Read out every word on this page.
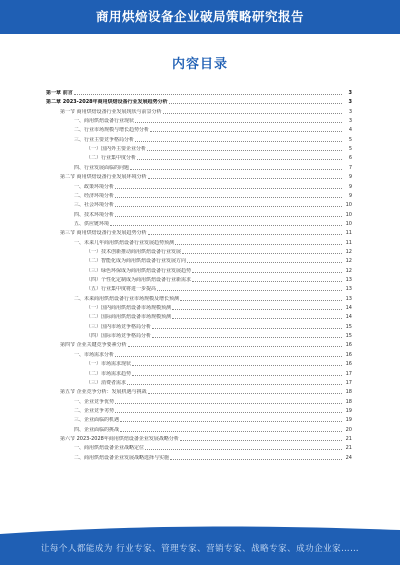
商用烘焙设备企业破局策略研究报告
内容目录
第一章 前言	3
第二章 2023-2028年商用烘焙设备行业发展趋势分析	3
第一节 商用烘焙设备行业发展现状与前景分析	3
一、商用烘焙设备行业现状	3
二、行业市场规模与增长趋势分析	4
三、行业主要竞争格局分析	5
（一）国内外主要企业分析	5
（二）行业集中度分析	6
四、行业发展面临的问题	7
第二节 商用烘焙设备行业发展环境分析	9
一、政策环境分析	9
二、经济环境分析	9
三、社会环境分析	10
四、技术环境分析	10
五、供应链环境	10
第三节 商用烘焙设备行业发展趋势分析	11
一、未来几年商用烘焙设备行业发展趋势预测	11
（一）技术创新推动商用烘焙设备行业发展	12
（二）智能化成为商用烘焙设备行业发展方向	12
（三）绿色环保成为商用烘焙设备行业发展趋势	12
（四）个性化定制成为商用烘焙设备行业新需求	13
（五）行业集中度将进一步提高	13
二、未来商用烘焙设备行业市场规模及增长预测	13
（一）国内商用烘焙设备市场规模预测	14
（二）国际商用烘焙设备市场规模预测	14
（三）国内市场竞争格局分析	15
（四）国际市场竞争格局分析	15
第四节 企业关键竞争要素分析	16
一、市场需求分析	16
（一）市场需求现状	16
（二）市场需求趋势	17
（三）消费者需求	17
第五节 企业竞争分析：发展机遇与挑战	18
一、企业竞争优势	18
二、企业竞争劣势	19
三、企业面临的机遇	19
四、企业面临的挑战	20
第六节 2023-2028年商用烘焙设备企业发展战略分析	21
一、商用烘焙设备企业战略定位	21
二、商用烘焙设备企业发展战略选择与实施	24
让每个人都能成为 行业专家、管理专家、营销专家、战略专家、成功企业家……
